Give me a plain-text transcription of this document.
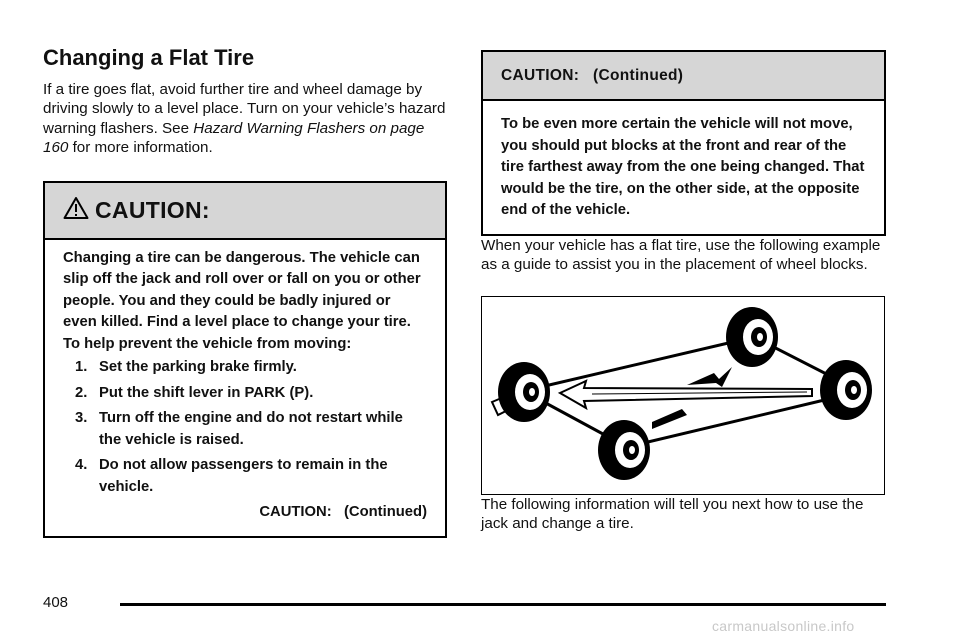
Changing a Flat Tire

If a tire goes flat, avoid further tire and wheel damage by driving slowly to a level place. Turn on your vehicle’s hazard warning flashers. See Hazard Warning Flashers on page 160 for more information.

CAUTION:
Changing a tire can be dangerous. The vehicle can slip off the jack and roll over or fall on you or other people. You and they could be badly injured or even killed. Find a level place to change your tire. To help prevent the vehicle from moving:
1. Set the parking brake firmly.
2. Put the shift lever in PARK (P).
3. Turn off the engine and do not restart while the vehicle is raised.
4. Do not allow passengers to remain in the vehicle.
CAUTION:   (Continued)
CAUTION:   (Continued)
To be even more certain the vehicle will not move, you should put blocks at the front and rear of the tire farthest away from the one being changed. That would be the tire, on the other side, at the opposite end of the vehicle.

When your vehicle has a flat tire, use the following example as a guide to assist you in the placement of wheel blocks.

The following information will tell you next how to use the jack and change a tire.

408
carmanualsonline.info
